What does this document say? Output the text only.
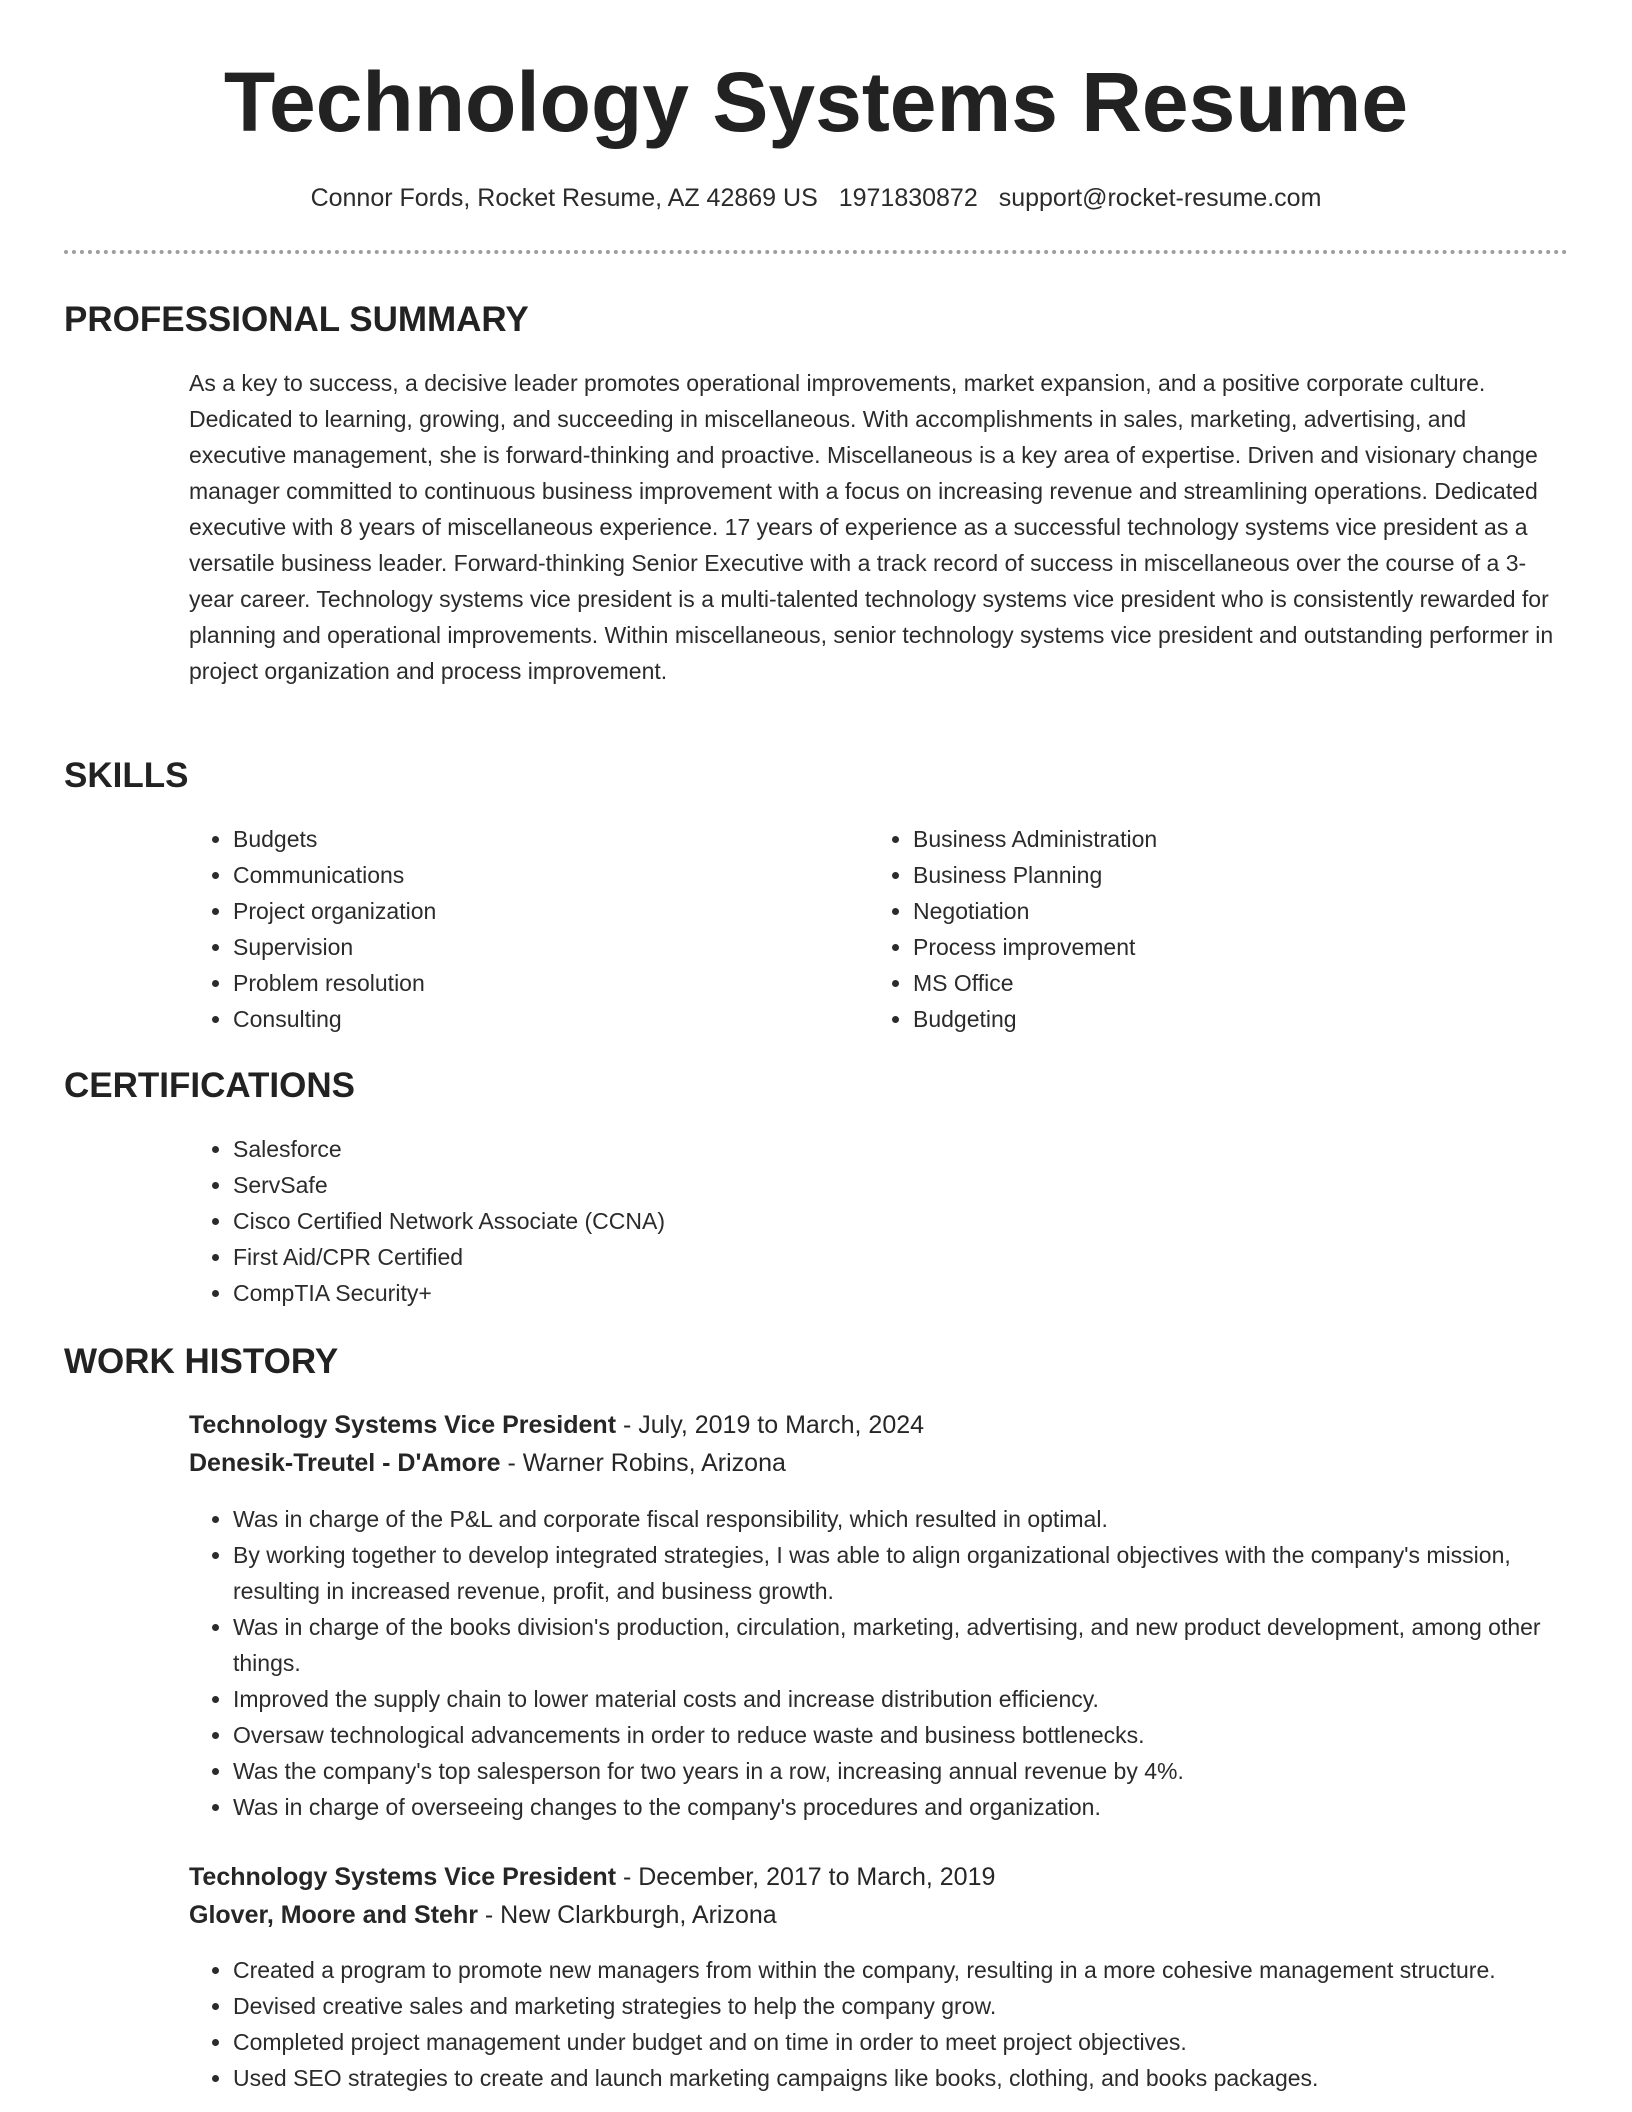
Technology Systems Resume
Connor Fords, Rocket Resume, AZ 42869 US 1971830872 support@rocket-resume.com
PROFESSIONAL SUMMARY

As a key to success, a decisive leader promotes operational improvements, market expansion, and a positive corporate culture. Dedicated to learning, growing, and succeeding in miscellaneous. With accomplishments in sales, marketing, advertising, and executive management, she is forward-thinking and proactive. Miscellaneous is a key area of expertise. Driven and visionary change manager committed to continuous business improvement with a focus on increasing revenue and streamlining operations. Dedicated executive with 8 years of miscellaneous experience. 17 years of experience as a successful technology systems vice president as a versatile business leader. Forward-thinking Senior Executive with a track record of success in miscellaneous over the course of a 3-year career. Technology systems vice president is a multi-talented technology systems vice president who is consistently rewarded for planning and operational improvements. Within miscellaneous, senior technology systems vice president and outstanding performer in project organization and process improvement.

SKILLS
• Budgets
• Communications
• Project organization
• Supervision
• Problem resolution
• Consulting
• Business Administration
• Business Planning
• Negotiation
• Process improvement
• MS Office
• Budgeting
CERTIFICATIONS
• Salesforce
• ServSafe
• Cisco Certified Network Associate (CCNA)
• First Aid/CPR Certified
• CompTIA Security+
WORK HISTORY
Technology Systems Vice President - July, 2019 to March, 2024
Denesik-Treutel - D'Amore - Warner Robins, Arizona
• Was in charge of the P&L and corporate fiscal responsibility, which resulted in optimal.
• By working together to develop integrated strategies, I was able to align organizational objectives with the company's mission, resulting in increased revenue, profit, and business growth.
• Was in charge of the books division's production, circulation, marketing, advertising, and new product development, among other things.
• Improved the supply chain to lower material costs and increase distribution efficiency.
• Oversaw technological advancements in order to reduce waste and business bottlenecks.
• Was the company's top salesperson for two years in a row, increasing annual revenue by 4%.
• Was in charge of overseeing changes to the company's procedures and organization.
Technology Systems Vice President - December, 2017 to March, 2019
Glover, Moore and Stehr - New Clarkburgh, Arizona
• Created a program to promote new managers from within the company, resulting in a more cohesive management structure.
• Devised creative sales and marketing strategies to help the company grow.
• Completed project management under budget and on time in order to meet project objectives.
• Used SEO strategies to create and launch marketing campaigns like books, clothing, and books packages.
